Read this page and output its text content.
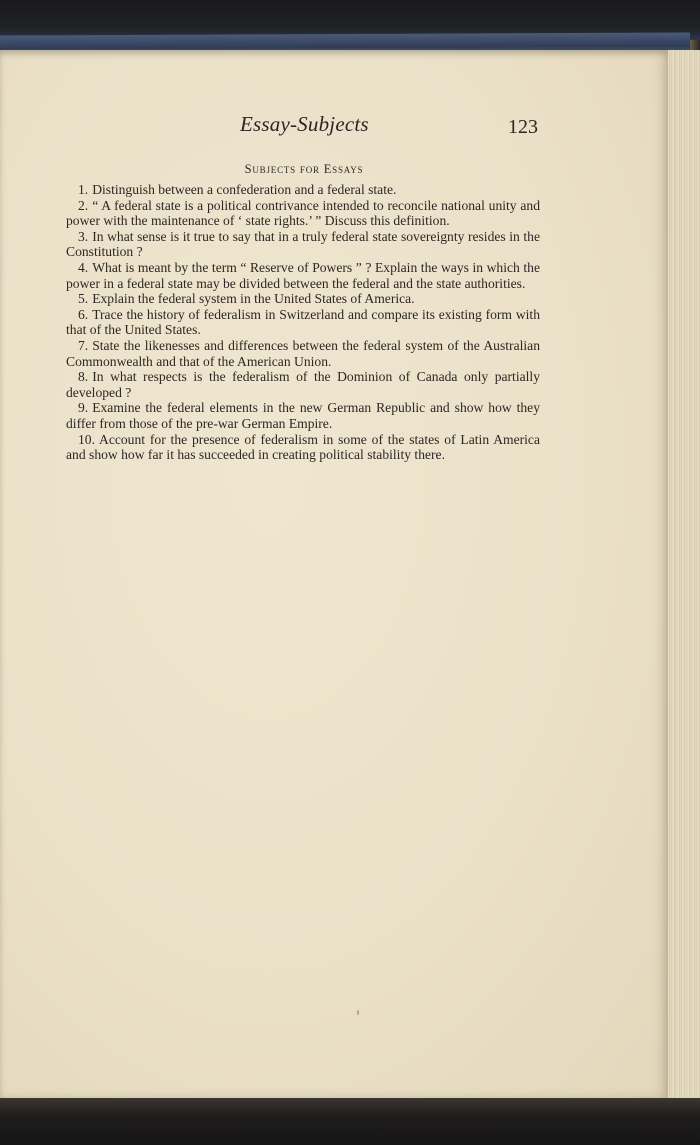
Essay-Subjects	123
Subjects for Essays
1. Distinguish between a confederation and a federal state.
2. “ A federal state is a political contrivance intended to reconcile national unity and power with the maintenance of ‘ state rights.’ ” Discuss this definition.
3. In what sense is it true to say that in a truly federal state sovereignty resides in the Constitution ?
4. What is meant by the term “ Reserve of Powers ” ? Explain the ways in which the power in a federal state may be divided between the federal and the state authorities.
5. Explain the federal system in the United States of America.
6. Trace the history of federalism in Switzerland and compare its existing form with that of the United States.
7. State the likenesses and differences between the federal system of the Australian Commonwealth and that of the American Union.
8. In what respects is the federalism of the Dominion of Canada only partially developed ?
9. Examine the federal elements in the new German Republic and show how they differ from those of the pre-war German Empire.
10. Account for the presence of federalism in some of the states of Latin America and show how far it has succeeded in creating political stability there.
